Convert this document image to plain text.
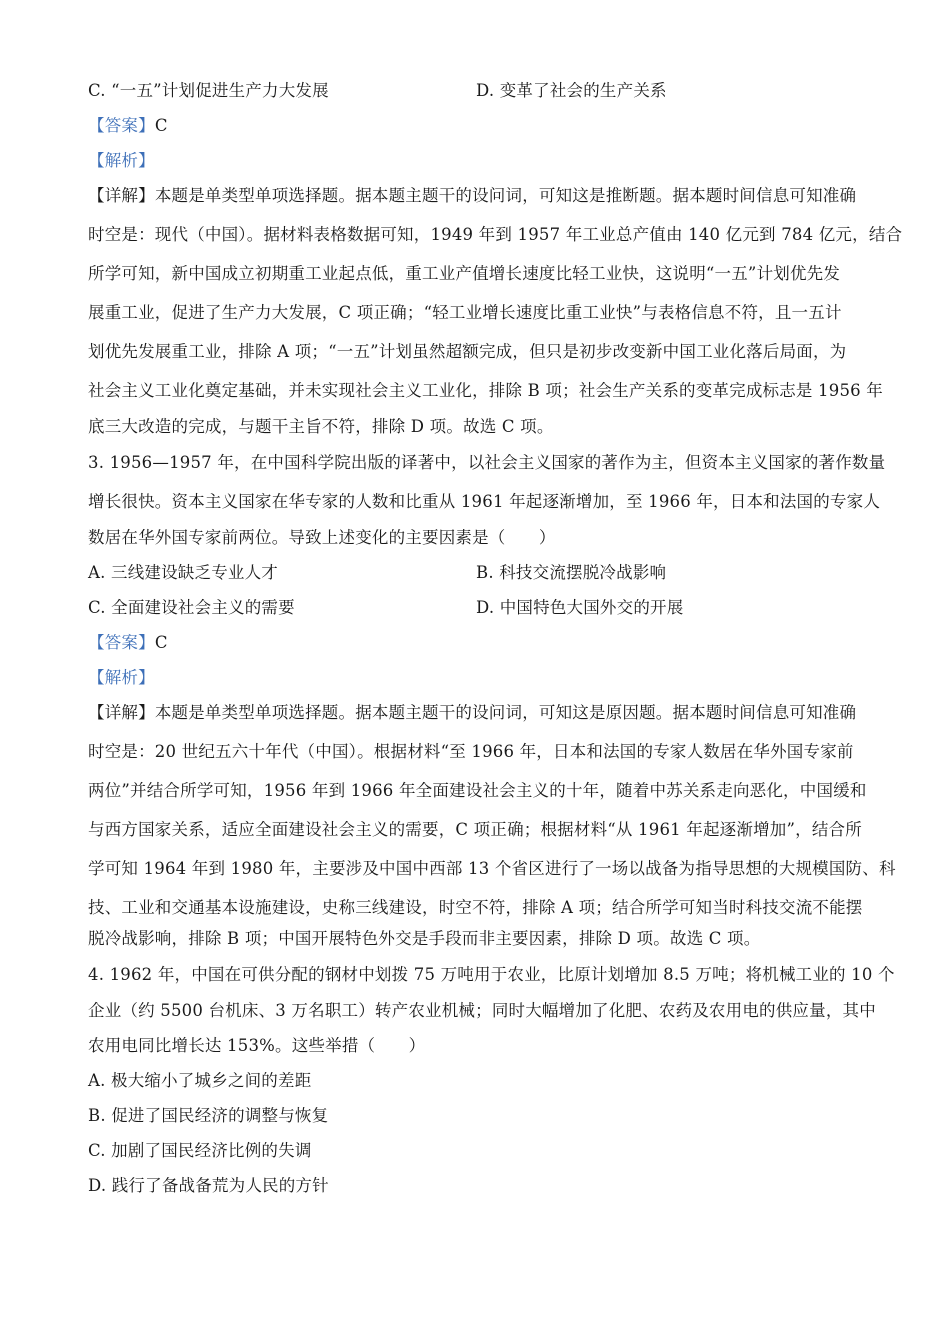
C. “一五”计划促进生产力大发展	D. 变革了社会的生产关系
【答案】C
【解析】
【详解】本题是单类型单项选择题。据本题主题干的设问词，可知这是推断题。据本题时间信息可知准确
时空是：现代（中国）。据材料表格数据可知，1949 年到 1957 年工业总产值由 140 亿元到 784 亿元，结合
所学可知，新中国成立初期重工业起点低，重工业产值增长速度比轻工业快，这说明“一五”计划优先发
展重工业，促进了生产力大发展，C 项正确；“轻工业增长速度比重工业快”与表格信息不符，且一五计
划优先发展重工业，排除 A 项；“一五”计划虽然超额完成，但只是初步改变新中国工业化落后局面，为
社会主义工业化奠定基础，并未实现社会主义工业化，排除 B 项；社会生产关系的变革完成标志是 1956 年
底三大改造的完成，与题干主旨不符，排除 D 项。故选 C 项。
3. 1956—1957 年，在中国科学院出版的译著中，以社会主义国家的著作为主，但资本主义国家的著作数量
增长很快。资本主义国家在华专家的人数和比重从 1961 年起逐渐增加，至 1966 年，日本和法国的专家人
数居在华外国专家前两位。导致上述变化的主要因素是（　　）
A. 三线建设缺乏专业人才	B. 科技交流摆脱冷战影响
C. 全面建设社会主义的需要	D. 中国特色大国外交的开展
【答案】C
【解析】
【详解】本题是单类型单项选择题。据本题主题干的设问词，可知这是原因题。据本题时间信息可知准确
时空是：20 世纪五六十年代（中国）。根据材料“至 1966 年，日本和法国的专家人数居在华外国专家前
两位”并结合所学可知，1956 年到 1966 年全面建设社会主义的十年，随着中苏关系走向恶化，中国缓和
与西方国家关系，适应全面建设社会主义的需要，C 项正确；根据材料“从 1961 年起逐渐增加”，结合所
学可知 1964 年到 1980 年，主要涉及中国中西部 13 个省区进行了一场以战备为指导思想的大规模国防、科
技、工业和交通基本设施建设，史称三线建设，时空不符，排除 A 项；结合所学可知当时科技交流不能摆
脱冷战影响，排除 B 项；中国开展特色外交是手段而非主要因素，排除 D 项。故选 C 项。
4. 1962 年，中国在可供分配的钢材中划拨 75 万吨用于农业，比原计划增加 8.5 万吨；将机械工业的 10 个
企业（约 5500 台机床、3 万名职工）转产农业机械；同时大幅增加了化肥、农药及农用电的供应量，其中
农用电同比增长达 153%。这些举措（　　）
A. 极大缩小了城乡之间的差距
B. 促进了国民经济的调整与恢复
C. 加剧了国民经济比例的失调
D. 践行了备战备荒为人民的方针
